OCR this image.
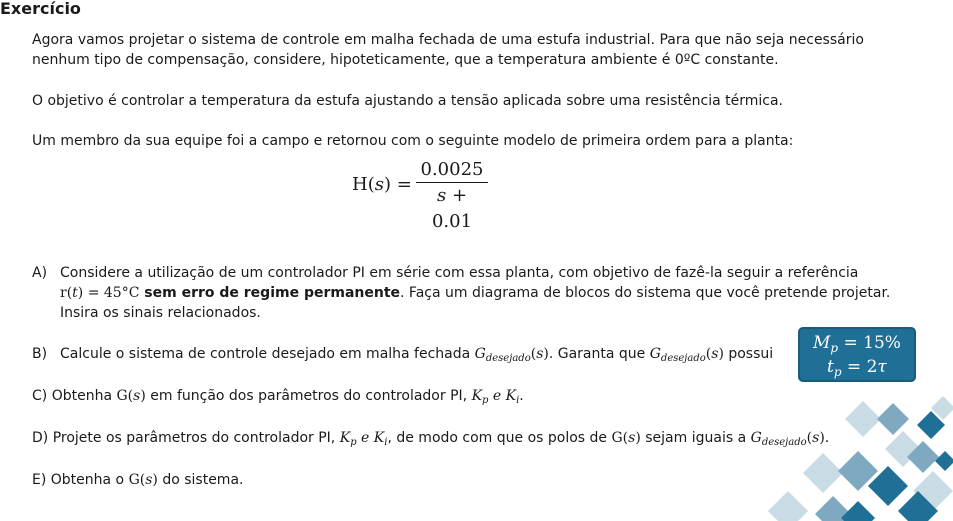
Exercício
Agora vamos projetar o sistema de controle em malha fechada de uma estufa industrial. Para que não seja necessário
nenhum tipo de compensação, considere, hipoteticamente, que a temperatura ambiente é 0ºC constante.
O objetivo é controlar a temperatura da estufa ajustando a tensão aplicada sobre uma resistência térmica.
Um membro da sua equipe foi a campo e retornou com o seguinte modelo de primeira ordem para a planta:
$H(s) = \frac{0.0025}{s + 0.01}$
A) Considere a utilização de um controlador PI em série com essa planta, com objetivo de fazê-la seguir a referência
r(t) = 45°C sem erro de regime permanente. Faça um diagrama de blocos do sistema que você pretende projetar.
Insira os sinais relacionados.
B) Calcule o sistema de controle desejado em malha fechada $G_{desejado}(s)$. Garanta que $G_{desejado}(s)$ possui
$M_p = 15\%$
$t_p = 2\tau$
C) Obtenha G(s) em função dos parâmetros do controlador PI, $K_p$ e $K_i$.
D) Projete os parâmetros do controlador PI, $K_p$ e $K_i$, de modo com que os polos de G(s) sejam iguais a $G_{desejado}(s)$.
E) Obtenha o G(s) do sistema.
